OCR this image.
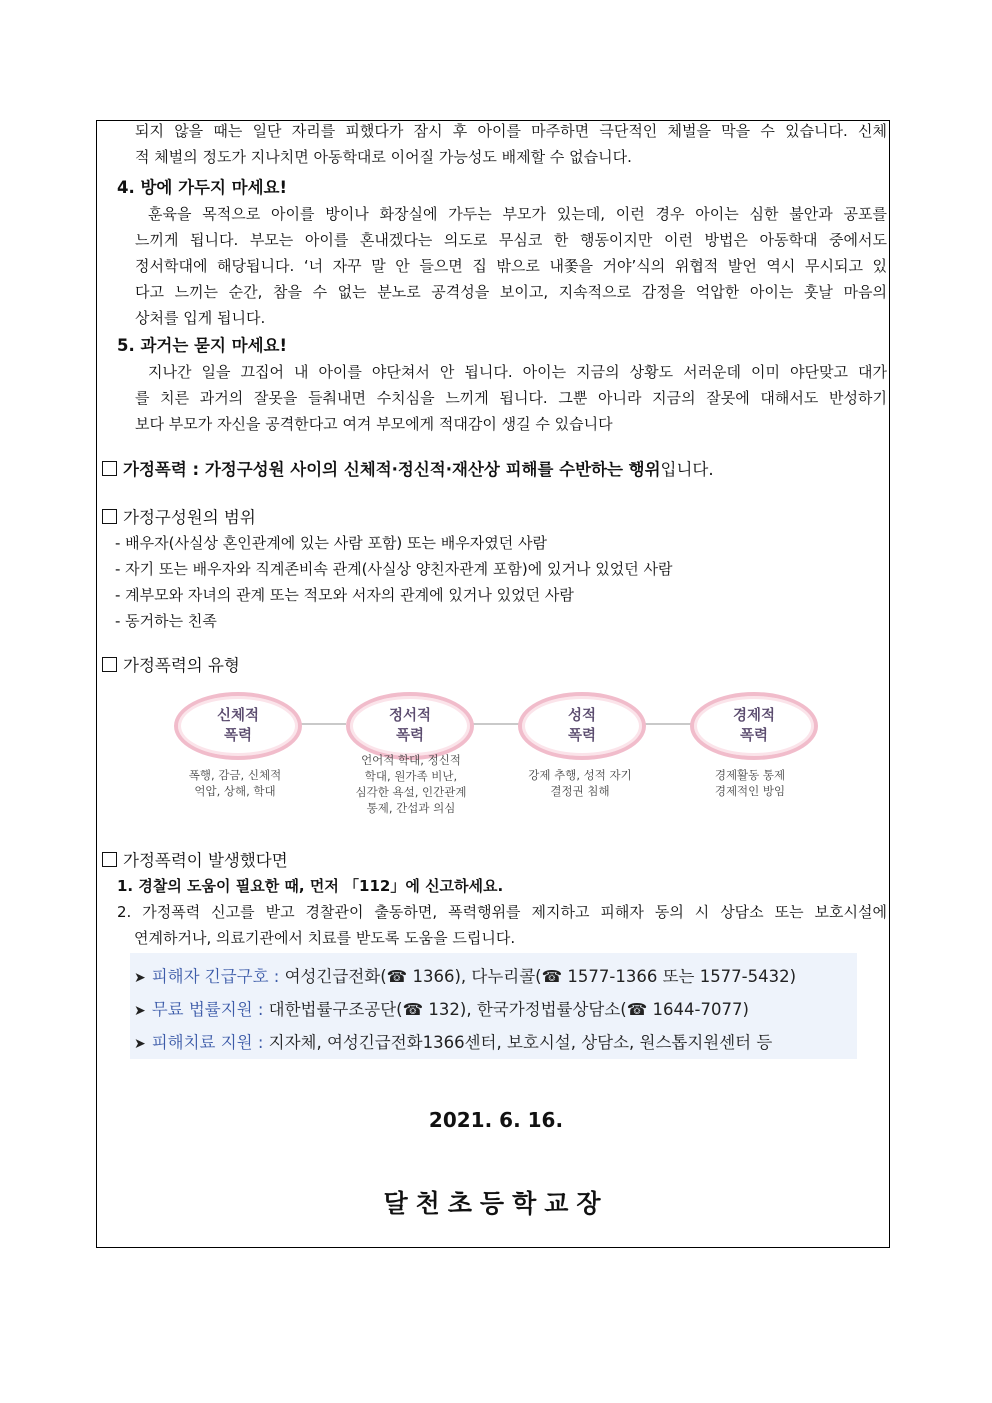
되지 않을 때는 일단 자리를 피했다가 잠시 후 아이를 마주하면 극단적인 체벌을 막을 수 있습니다. 신체
적 체벌의 정도가 지나치면 아동학대로 이어질 가능성도 배제할 수 없습니다.
4. 방에 가두지 마세요!
훈육을 목적으로 아이를 방이나 화장실에 가두는 부모가 있는데, 이런 경우 아이는 심한 불안과 공포를
느끼게 됩니다. 부모는 아이를 혼내겠다는 의도로 무심코 한 행동이지만 이런 방법은 아동학대 중에서도
정서학대에 해당됩니다. ‘너 자꾸 말 안 들으면 집 밖으로 내쫓을 거야’식의 위협적 발언 역시 무시되고 있
다고 느끼는 순간, 참을 수 없는 분노로 공격성을 보이고, 지속적으로 감정을 억압한 아이는 훗날 마음의
상처를 입게 됩니다.
5. 과거는 묻지 마세요!
지나간 일을 끄집어 내 아이를 야단쳐서 안 됩니다. 아이는 지금의 상황도 서러운데 이미 야단맞고 대가
를 치른 과거의 잘못을 들춰내면 수치심을 느끼게 됩니다. 그뿐 아니라 지금의 잘못에 대해서도 반성하기
보다 부모가 자신을 공격한다고 여겨 부모에게 적대감이 생길 수 있습니다
가정폭력 : 가정구성원 사이의 신체적·정신적·재산상 피해를 수반하는 행위입니다.
가정구성원의 범위
- 배우자(사실상 혼인관계에 있는 사람 포함) 또는 배우자였던 사람
- 자기 또는 배우자와 직계존비속 관계(사실상 양친자관계 포함)에 있거나 있었던 사람
- 계부모와 자녀의 관계 또는 적모와 서자의 관계에 있거나 있었던 사람
- 동거하는 친족
가정폭력의 유형
신체적
폭력
정서적
폭력
성적
폭력
경제적
폭력
폭행, 감금, 신체적
억압, 상해, 학대
언어적 학대, 정신적
학대, 원가족 비난,
심각한 욕설, 인간관계
통제, 간섭과 의심
강제 추행, 성적 자기
결정권 침해
경제활동 통제
경제적인 방임
가정폭력이 발생했다면
1. 경찰의 도움이 필요한 때, 먼저 「112」에 신고하세요.
2. 가정폭력 신고를 받고 경찰관이 출동하면, 폭력행위를 제지하고 피해자 동의 시 상담소 또는 보호시설에
연계하거나, 의료기관에서 치료를 받도록 도움을 드립니다.
➤ 피해자 긴급구호 : 여성긴급전화(☎ 1366), 다누리콜(☎ 1577-1366 또는 1577-5432)
➤ 무료 법률지원 : 대한법률구조공단(☎ 132), 한국가정법률상담소(☎ 1644-7077)
➤ 피해치료 지원 : 지자체, 여성긴급전화1366센터, 보호시설, 상담소, 원스톱지원센터 등
2021. 6. 16.
달천초등학교장
